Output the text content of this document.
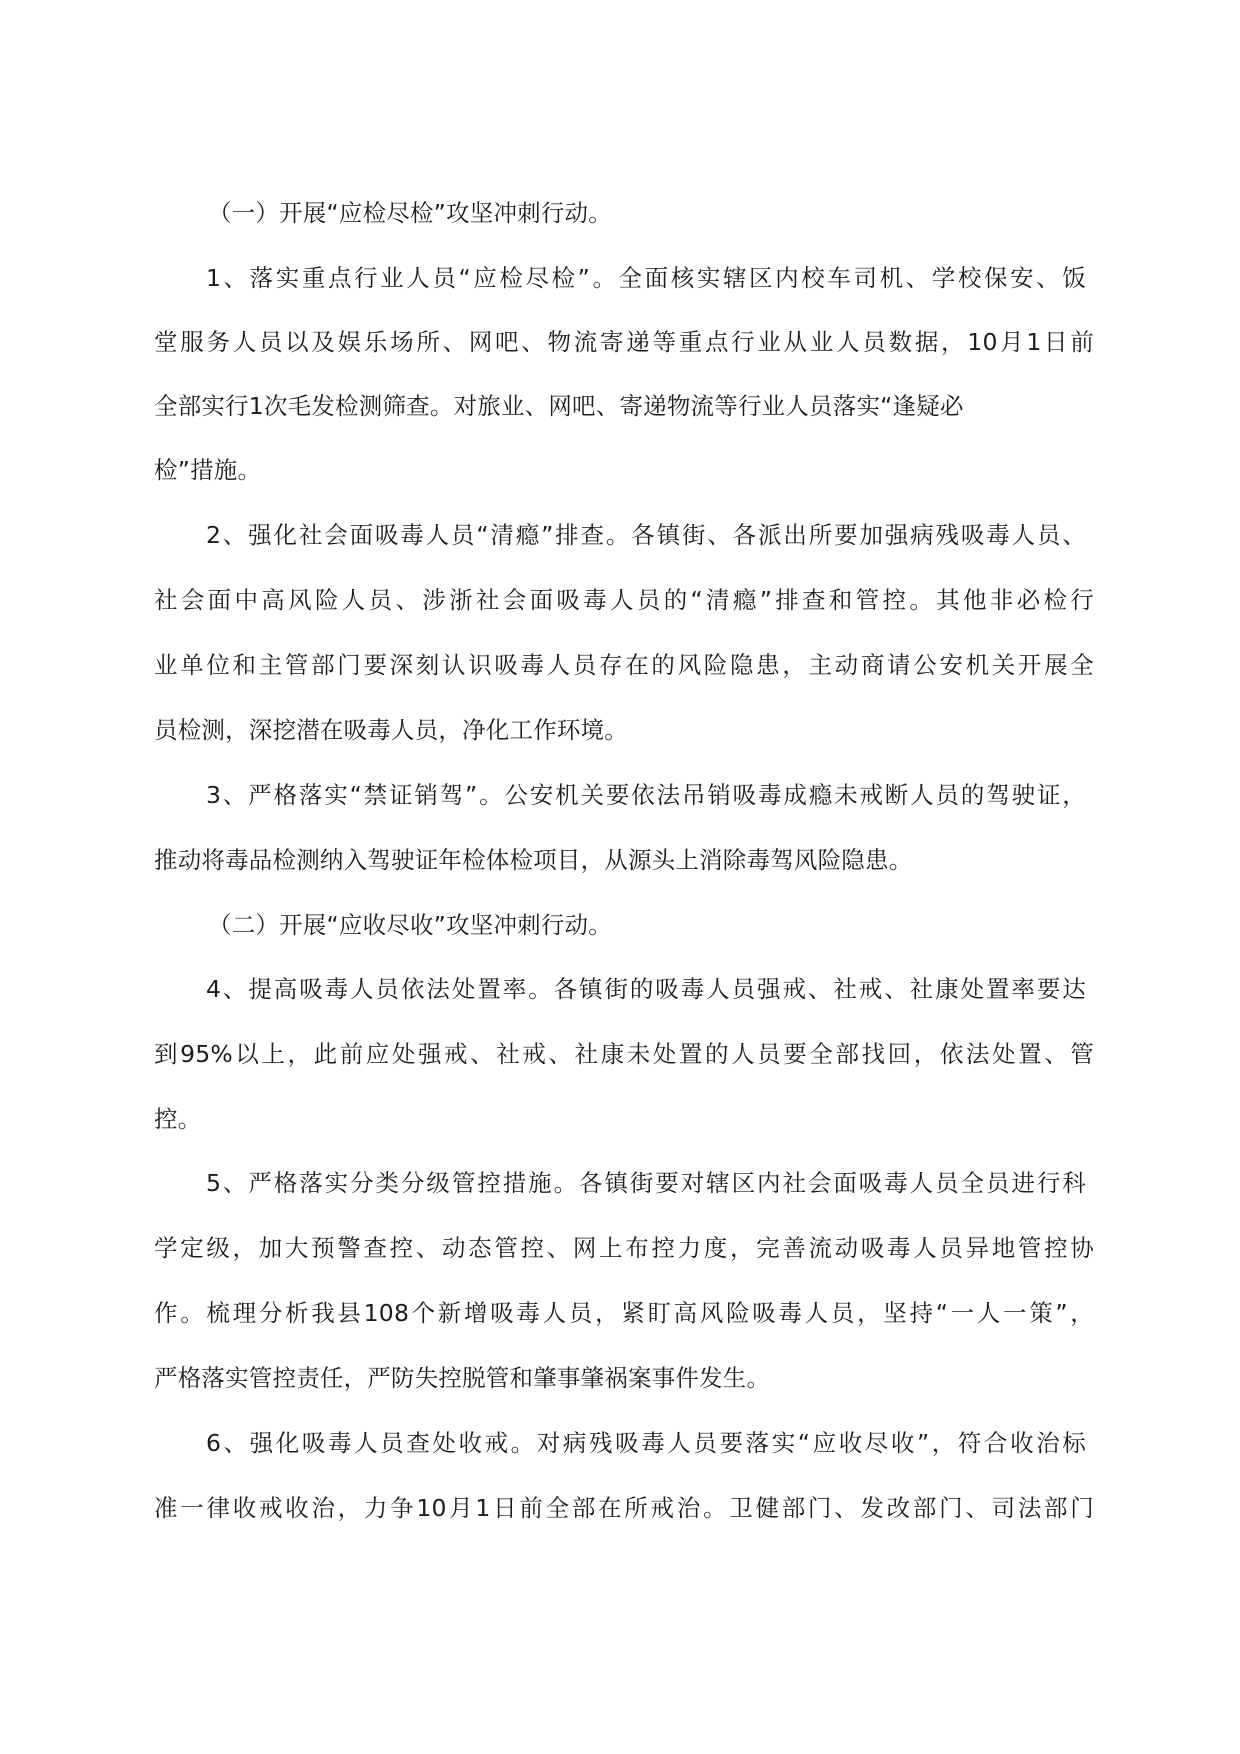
（一）开展“应检尽检”攻坚冲刺行动。
1、落实重点行业人员“应检尽检”。全面核实辖区内校车司机、学校保安、饭
堂服务人员以及娱乐场所、网吧、物流寄递等重点行业从业人员数据，10月1日前
全部实行1次毛发检测筛查。对旅业、网吧、寄递物流等行业人员落实“逢疑必
检”措施。
2、强化社会面吸毒人员“清瘾”排查。各镇街、各派出所要加强病残吸毒人员、
社会面中高风险人员、涉浙社会面吸毒人员的“清瘾”排查和管控。其他非必检行
业单位和主管部门要深刻认识吸毒人员存在的风险隐患，主动商请公安机关开展全
员检测，深挖潜在吸毒人员，净化工作环境。
3、严格落实“禁证销驾”。公安机关要依法吊销吸毒成瘾未戒断人员的驾驶证，
推动将毒品检测纳入驾驶证年检体检项目，从源头上消除毒驾风险隐患。
（二）开展“应收尽收”攻坚冲刺行动。
4、提高吸毒人员依法处置率。各镇街的吸毒人员强戒、社戒、社康处置率要达
到95%以上，此前应处强戒、社戒、社康未处置的人员要全部找回，依法处置、管
控。
5、严格落实分类分级管控措施。各镇街要对辖区内社会面吸毒人员全员进行科
学定级，加大预警查控、动态管控、网上布控力度，完善流动吸毒人员异地管控协
作。梳理分析我县108个新增吸毒人员，紧盯高风险吸毒人员，坚持“一人一策”，
严格落实管控责任，严防失控脱管和肇事肇祸案事件发生。
6、强化吸毒人员查处收戒。对病残吸毒人员要落实“应收尽收”，符合收治标
准一律收戒收治，力争10月1日前全部在所戒治。卫健部门、发改部门、司法部门
